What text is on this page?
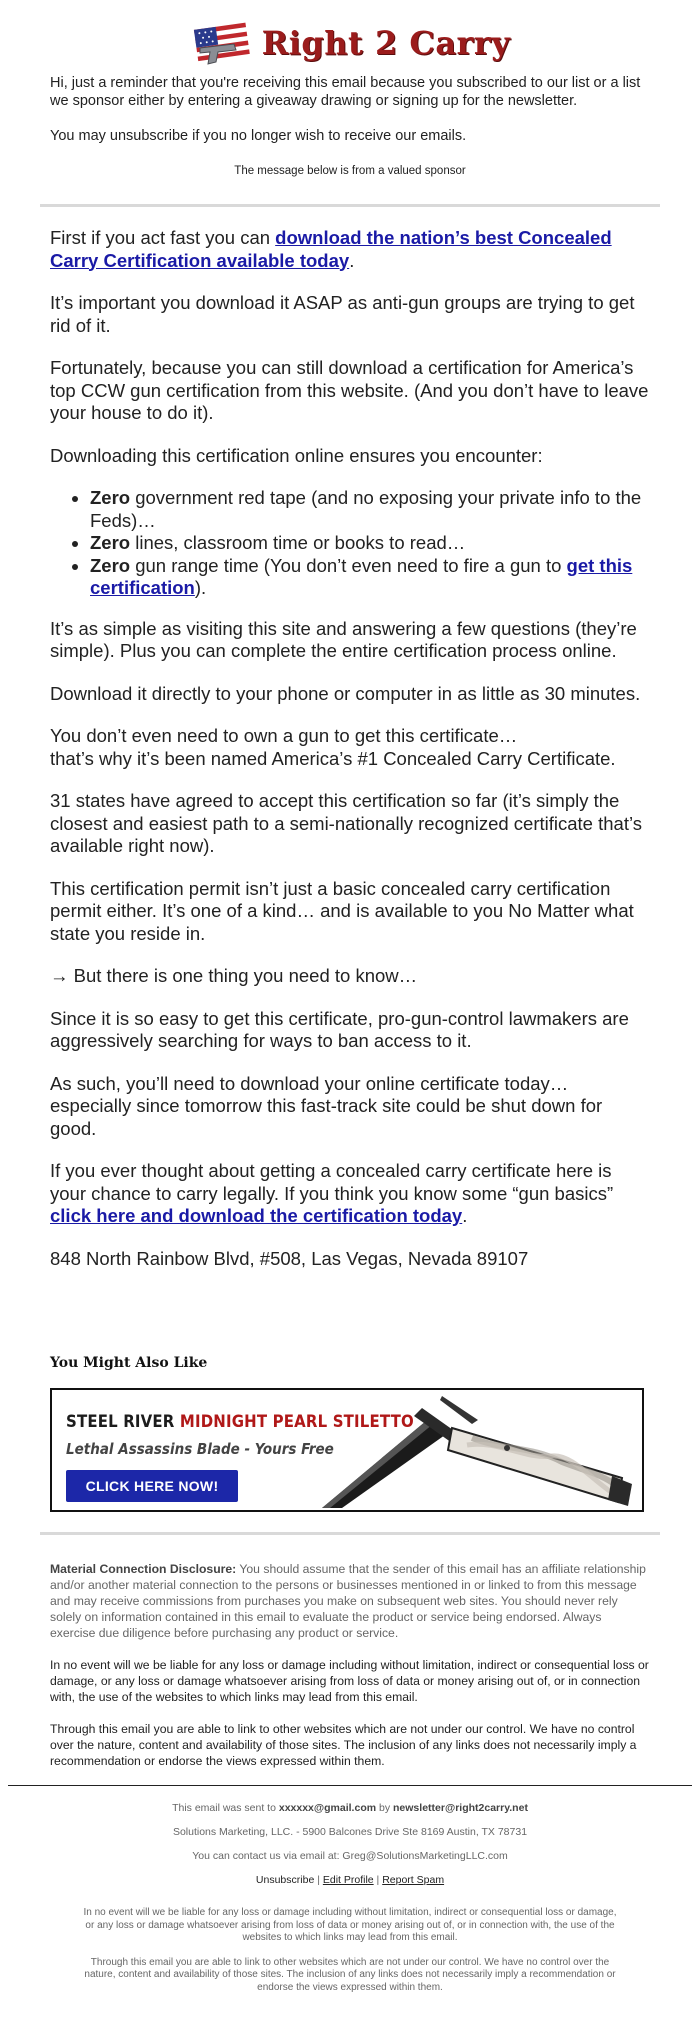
Right 2 Carry

Hi, just a reminder that you're receiving this email because you subscribed to our list or a list we sponsor either by entering a giveaway drawing or signing up for the newsletter.

You may unsubscribe if you no longer wish to receive our emails.

The message below is from a valued sponsor

First if you act fast you can download the nation’s best Concealed Carry Certification available today.

It’s important you download it ASAP as anti-gun groups are trying to get rid of it.

Fortunately, because you can still download a certification for America’s top CCW gun certification from this website. (And you don’t have to leave your house to do it).

Downloading this certification online ensures you encounter:

• Zero government red tape (and no exposing your private info to the Feds)…
• Zero lines, classroom time or books to read…
• Zero gun range time (You don’t even need to fire a gun to get this certification).

It’s as simple as visiting this site and answering a few questions (they’re simple). Plus you can complete the entire certification process online.

Download it directly to your phone or computer in as little as 30 minutes.

You don’t even need to own a gun to get this certificate…
that’s why it’s been named America’s #1 Concealed Carry Certificate.

31 states have agreed to accept this certification so far (it’s simply the closest and easiest path to a semi-nationally recognized certificate that’s available right now).

This certification permit isn’t just a basic concealed carry certification permit either. It’s one of a kind… and is available to you No Matter what state you reside in.

→ But there is one thing you need to know…

Since it is so easy to get this certificate, pro-gun-control lawmakers are aggressively searching for ways to ban access to it.

As such, you’ll need to download your online certificate today… especially since tomorrow this fast-track site could be shut down for good.

If you ever thought about getting a concealed carry certificate here is your chance to carry legally. If you think you know some “gun basics” click here and download the certification today.

848 North Rainbow Blvd, #508, Las Vegas, Nevada 89107

You Might Also Like
STEEL RIVER MIDNIGHT PEARL STILETTO
Lethal Assassins Blade - Yours Free
CLICK HERE NOW!

Material Connection Disclosure: You should assume that the sender of this email has an affiliate relationship and/or another material connection to the persons or businesses mentioned in or linked to from this message and may receive commissions from purchases you make on subsequent web sites. You should never rely solely on information contained in this email to evaluate the product or service being endorsed. Always exercise due diligence before purchasing any product or service.

In no event will we be liable for any loss or damage including without limitation, indirect or consequential loss or damage, or any loss or damage whatsoever arising from loss of data or money arising out of, or in connection with, the use of the websites to which links may lead from this email.

Through this email you are able to link to other websites which are not under our control. We have no control over the nature, content and availability of those sites. The inclusion of any links does not necessarily imply a recommendation or endorse the views expressed within them.

This email was sent to xxxxxx@gmail.com by newsletter@right2carry.net
Solutions Marketing, LLC. - 5900 Balcones Drive Ste 8169 Austin, TX 78731
You can contact us via email at: Greg@SolutionsMarketingLLC.com
Unsubscribe | Edit Profile | Report Spam
In no event will we be liable for any loss or damage including without limitation, indirect or consequential loss or damage, or any loss or damage whatsoever arising from loss of data or money arising out of, or in connection with, the use of the websites to which links may lead from this email.
Through this email you are able to link to other websites which are not under our control. We have no control over the nature, content and availability of those sites. The inclusion of any links does not necessarily imply a recommendation or endorse the views expressed within them.
